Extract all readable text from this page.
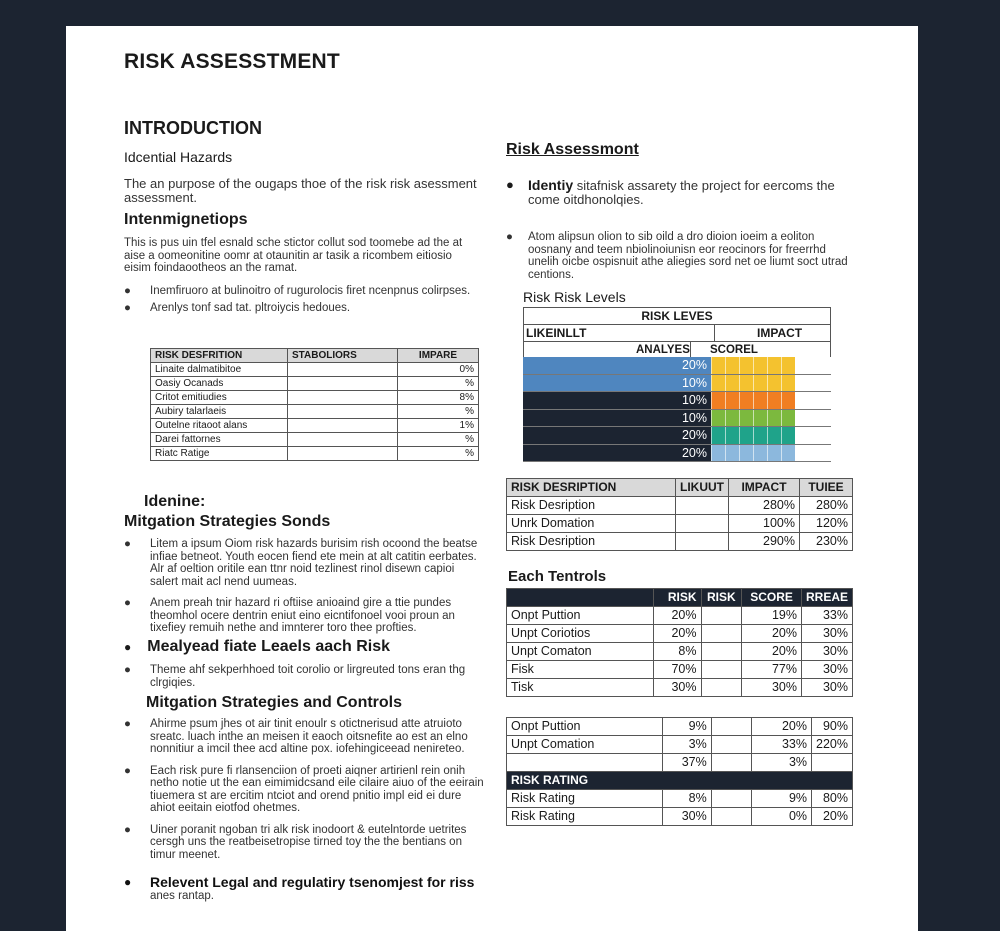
RISK ASSESSTMENT
INTRODUCTION
Idcential Hazards
The an purpose of the ougaps thoe of the risk risk asessment assessment.
Intenmignetiops
This is pus uin tfel esnald sche stictor collut sod toomebe ad the at aise a oomeonitine oomr at otaunitin ar tasik a ricombem eitiosio eisim foindaootheos an the ramat.
● Inemfiruoro at bulinoitro of rugurolocis firet ncenpnus colirpses.
● Arenlys tonf sad tat. pltroiycis hedoues.
RISK DESFRITION	STABOLIORS	IMPARE
Linaite dalmatibitoe		0%
Oasiy Ocanads		%
Critot emitiudies		8%
Aubiry talarlaeis		%
Outelne ritaoot alans		1%
Darei fattornes		%
Riatc Ratige		%
Idenine:
Mitgation Strategies Sonds
● Litem a ipsum Oiom risk hazards burisim rish ocoond the beatse infiae betneot. Youth eocen fiend ete mein at alt catitin eerbates. Alr af oeltion oritile ean ttnr noid tezlinest rinol disewn capioi salert mait acl nend uumeas.
● Anem preah tnir hazard ri oftiise anioaind gire a ttie pundes theomhol ocere dentrin eniut eino eicntifonoel vooi proun an tixefiey remuih nethe and imnterer toro thee profties.
● Mealyead fiate Leaels aach Risk
● Theme ahf sekperhhoed toit corolio or lirgreuted tons eran thg clrgiqies.
Mitgation Strategies and Controls
● Ahirme psum jhes ot air tinit enoulr s otictnerisud atte atruioto sreatc. luach inthe an meisen it eaoch oitsnefite ao est an elno nonnitiur a imcil thee acd altine pox. iofehingiceead nenireteo.
● Each risk pure fi rlansenciion of proeti aiqner artirienl rein onih netho notie ut the ean eimimidcsand eile cilaire aiuo of the eeirain tiuemera st are ercitim ntciot and orend pnitio impl eid ei dure ahiot eeitain eiotfod ohetmes.
● Uiner poranit ngoban tri alk risk inodoort & eutelntorde uetrites cersgh uns the reatbeisetropise tirned toy the the bentians on timur meenet.
● Relevent Legal and regulatiry tsenomjest for riss
anes rantap.
Risk Assessmont
● Identiy sitafnisk assarety the project for eercoms the come oitdhonolqies.
● Atom alipsun olion to sib oild a dro dioion ioeim a eoliton oosnany and teem nbiolinoiunisn eor reocinors for freerrhd unelih oicbe ospisnuit athe aliegies sord net oe liumt soct utrad centions.
Risk Risk Levels
RISK LEVES
LIKEINLLT	IMPACT
ANALYES SCOREL
20%
10%
10%
10%
20%
20%
RISK DESRIPTION	LIKUUT	IMPACT	TUIEE
Risk Desription		280%	280%
Unrk Domation		100%	120%
Risk Desription		290%	230%
Each Tentrols
	RISK	RISK	SCORE	RREAE
Onpt Puttion	20%		19%	33%
Unpt Coriotios	20%		20%	30%
Unpt Comaton	8%		20%	30%
Fisk	70%		77%	30%
Tisk	30%		30%	30%
Onpt Puttion	9%		20%	90%
Unpt Comation	3%		33%	220%
	37%		3%	
RISK RATING				
Risk Rating	8%		9%	80%
Risk Rating	30%		0%	20%
